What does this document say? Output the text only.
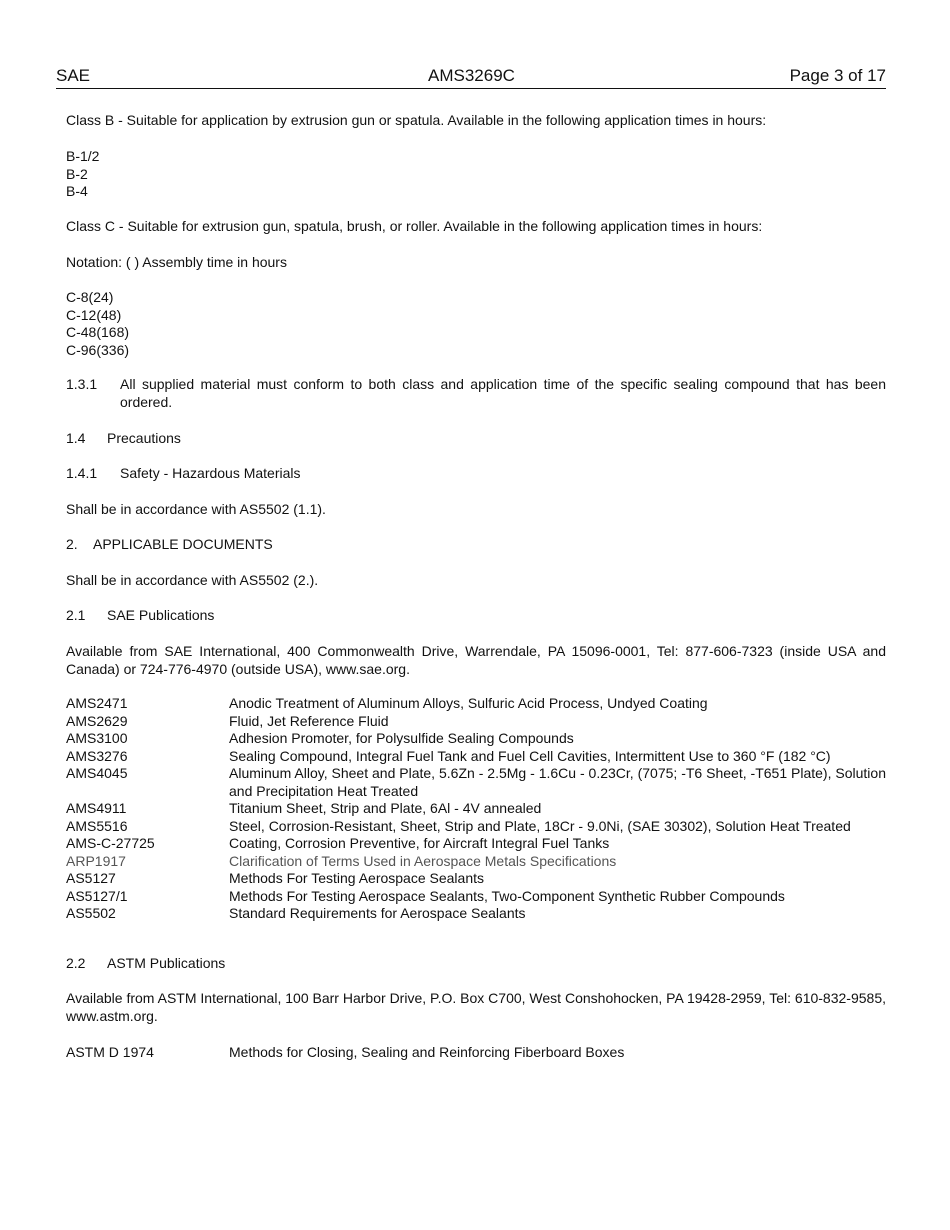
SAE	AMS3269C	Page 3 of 17
Class B - Suitable for application by extrusion gun or spatula. Available in the following application times in hours:
B-1/2
B-2
B-4
Class C - Suitable for extrusion gun, spatula, brush, or roller. Available in the following application times in hours:
Notation: ( ) Assembly time in hours
C-8(24)
C-12(48)
C-48(168)
C-96(336)
1.3.1 All supplied material must conform to both class and application time of the specific sealing compound that has been ordered.
1.4 Precautions
1.4.1 Safety - Hazardous Materials
Shall be in accordance with AS5502 (1.1).
2. APPLICABLE DOCUMENTS
Shall be in accordance with AS5502 (2.).
2.1 SAE Publications
Available from SAE International, 400 Commonwealth Drive, Warrendale, PA 15096-0001, Tel: 877-606-7323 (inside USA and Canada) or 724-776-4970 (outside USA), www.sae.org.
AMS2471	Anodic Treatment of Aluminum Alloys, Sulfuric Acid Process, Undyed Coating
AMS2629	Fluid, Jet Reference Fluid
AMS3100	Adhesion Promoter, for Polysulfide Sealing Compounds
AMS3276	Sealing Compound, Integral Fuel Tank and Fuel Cell Cavities, Intermittent Use to 360 °F (182 °C)
AMS4045	Aluminum Alloy, Sheet and Plate, 5.6Zn - 2.5Mg - 1.6Cu - 0.23Cr, (7075; -T6 Sheet, -T651 Plate), Solution and Precipitation Heat Treated
AMS4911	Titanium Sheet, Strip and Plate, 6Al - 4V annealed
AMS5516	Steel, Corrosion-Resistant, Sheet, Strip and Plate, 18Cr - 9.0Ni, (SAE 30302), Solution Heat Treated
AMS-C-27725	Coating, Corrosion Preventive, for Aircraft Integral Fuel Tanks
ARP1917	Clarification of Terms Used in Aerospace Metals Specifications
AS5127	Methods For Testing Aerospace Sealants
AS5127/1	Methods For Testing Aerospace Sealants, Two-Component Synthetic Rubber Compounds
AS5502	Standard Requirements for Aerospace Sealants
2.2 ASTM Publications
Available from ASTM International, 100 Barr Harbor Drive, P.O. Box C700, West Conshohocken, PA 19428-2959, Tel: 610-832-9585, www.astm.org.
ASTM D 1974	Methods for Closing, Sealing and Reinforcing Fiberboard Boxes
